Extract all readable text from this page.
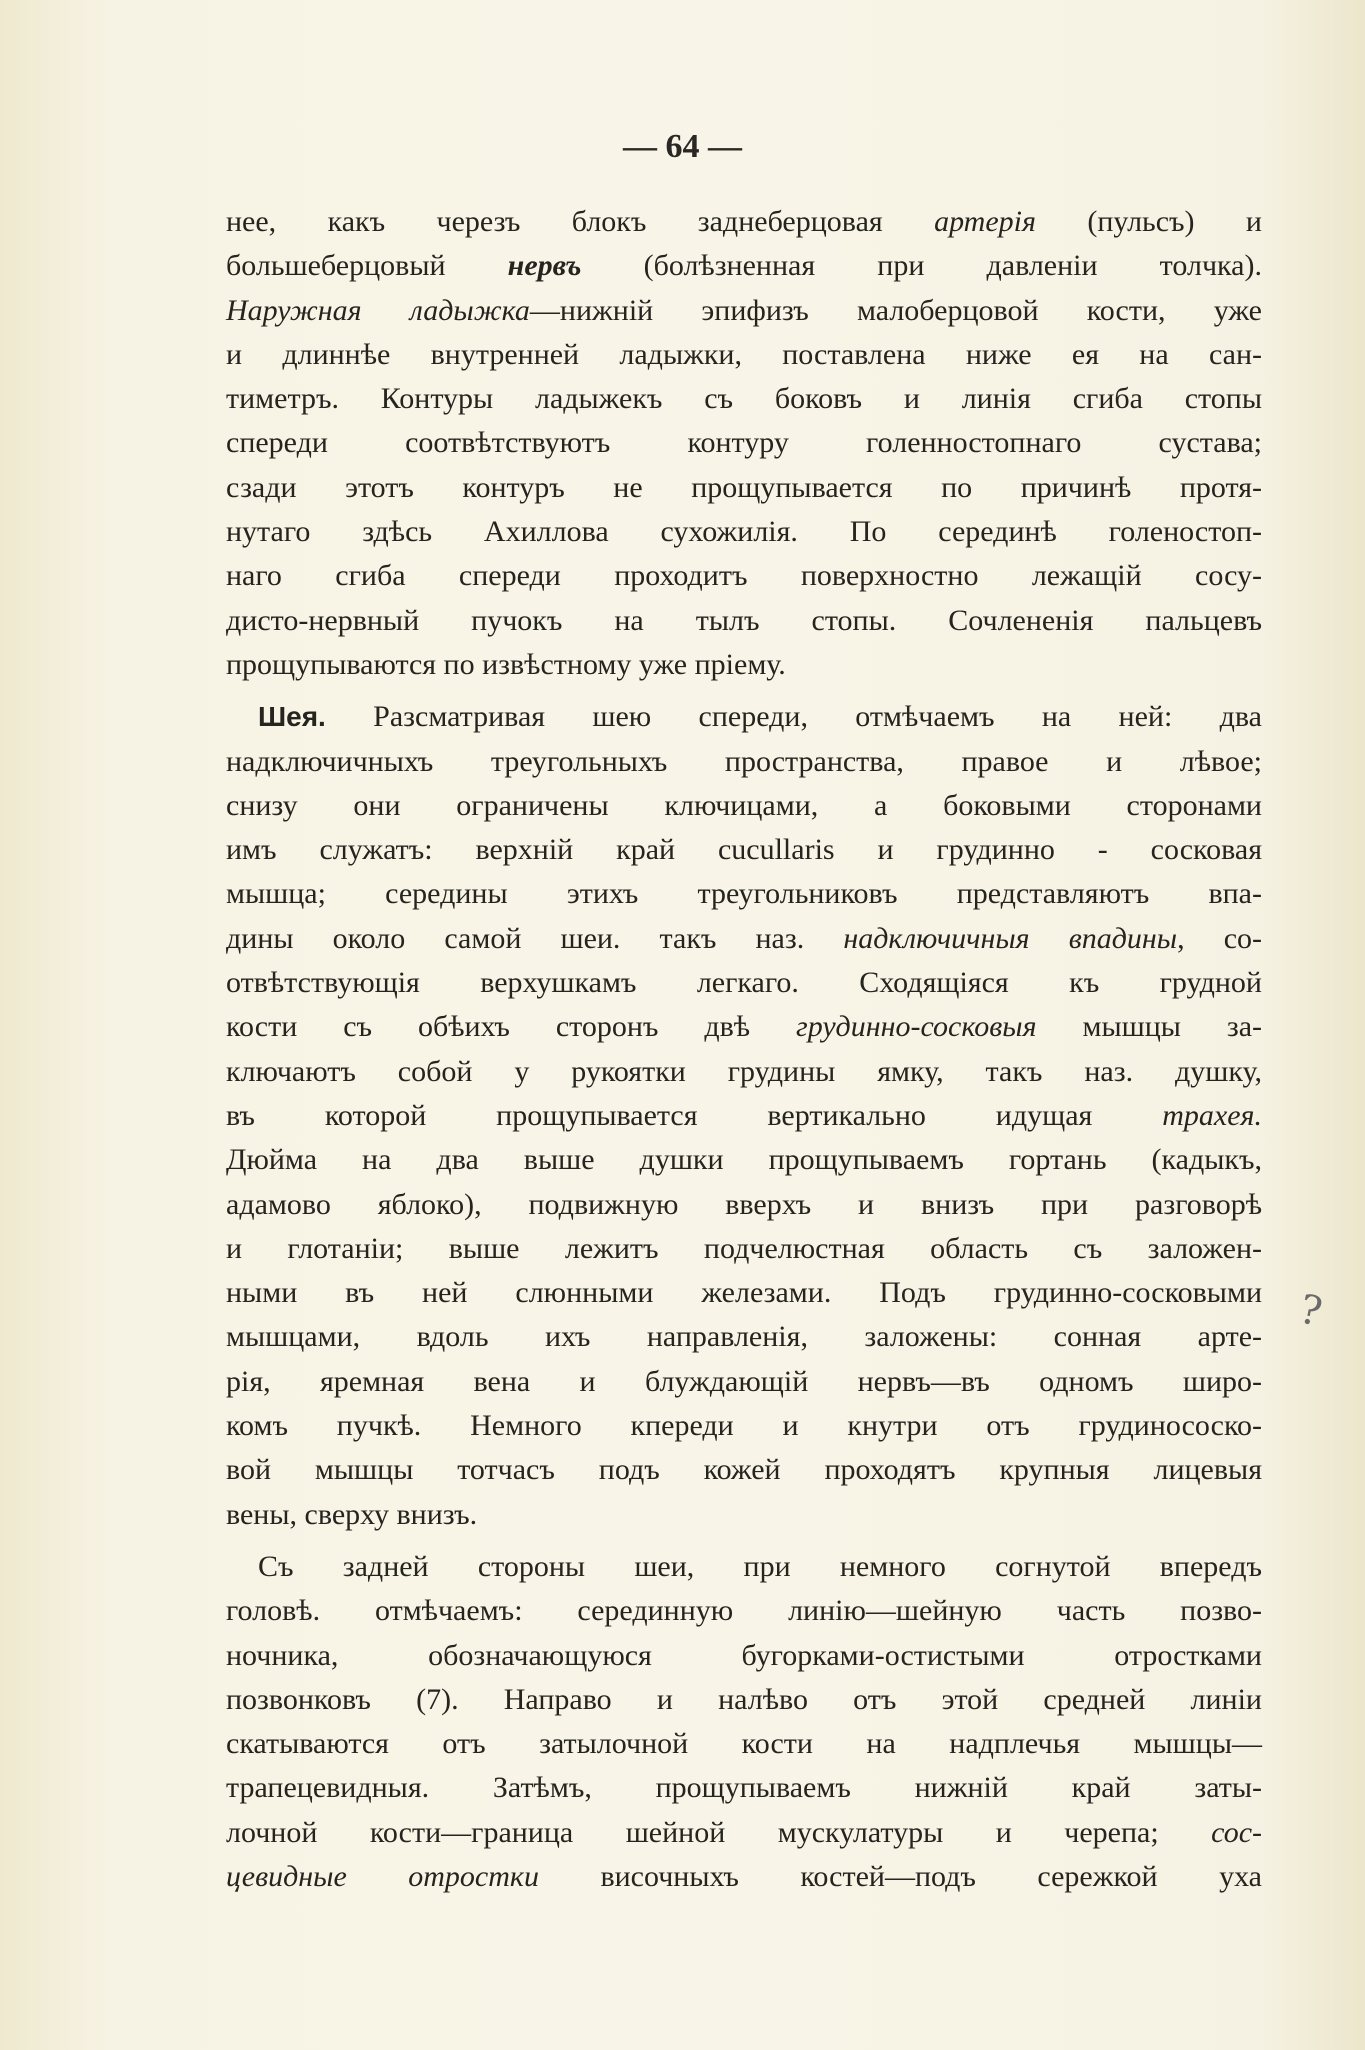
— 64 —
нее, какъ черезъ блокъ заднеберцовая артерія (пульсъ) и
большеберцовый нервъ (болѣзненная при давленіи толчка).
Наружная ладыжка—нижній эпифизъ малоберцовой кости, уже
и длиннѣе внутренней ладыжки, поставлена ниже ея на сан-
тиметръ. Контуры ладыжекъ съ боковъ и линія сгиба стопы
спереди соотвѣтствуютъ контуру голенностопнаго сустава;
сзади этотъ контуръ не прощупывается по причинѣ протя-
нутаго здѣсь Ахиллова сухожилія. По серединѣ голеностоп-
наго сгиба спереди проходитъ поверхностно лежащій сосу-
дисто-нервный пучокъ на тылъ стопы. Сочлененія пальцевъ
прощупываются по извѣстному уже пріему.
Шея. Разсматривая шею спереди, отмѣчаемъ на ней: два
надключичныхъ треугольныхъ пространства, правое и лѣвое;
снизу они ограничены ключицами, а боковыми сторонами
имъ служатъ: верхній край cucullaris и грудинно - сосковая
мышца; середины этихъ треугольниковъ представляютъ впа-
дины около самой шеи. такъ наз. надключичныя впадины, со-
отвѣтствующія верхушкамъ легкаго. Сходящіяся къ грудной
кости съ обѣихъ сторонъ двѣ грудинно-сосковыя мышцы за-
ключаютъ собой у рукоятки грудины ямку, такъ наз. душку,
въ которой прощупывается вертикально идущая трахея.
Дюйма на два выше душки прощупываемъ гортань (кадыкъ,
адамово яблоко), подвижную вверхъ и внизъ при разговорѣ
и глотаніи; выше лежитъ подчелюстная область съ заложен-
ными въ ней слюнными железами. Подъ грудинно-сосковыми
мышцами, вдоль ихъ направленія, заложены: сонная арте-
рія, яремная вена и блуждающій нервъ—въ одномъ широ-
комъ пучкѣ. Немного кпереди и кнутри отъ грудинососко-
вой мышцы тотчасъ подъ кожей проходятъ крупныя лицевыя
вены, сверху внизъ.
Съ задней стороны шеи, при немного согнутой впередъ
головѣ. отмѣчаемъ: серединную линію—шейную часть позво-
ночника, обозначающуюся бугорками-остистыми отростками
позвонковъ (7). Направо и налѣво отъ этой средней линіи
скатываются отъ затылочной кости на надплечья мышцы—
трапецевидныя. Затѣмъ, прощупываемъ нижній край заты-
лочной кости—граница шейной мускулатуры и черепа; сос-
цевидные отростки височныхъ костей—подъ сережкой уха
?
